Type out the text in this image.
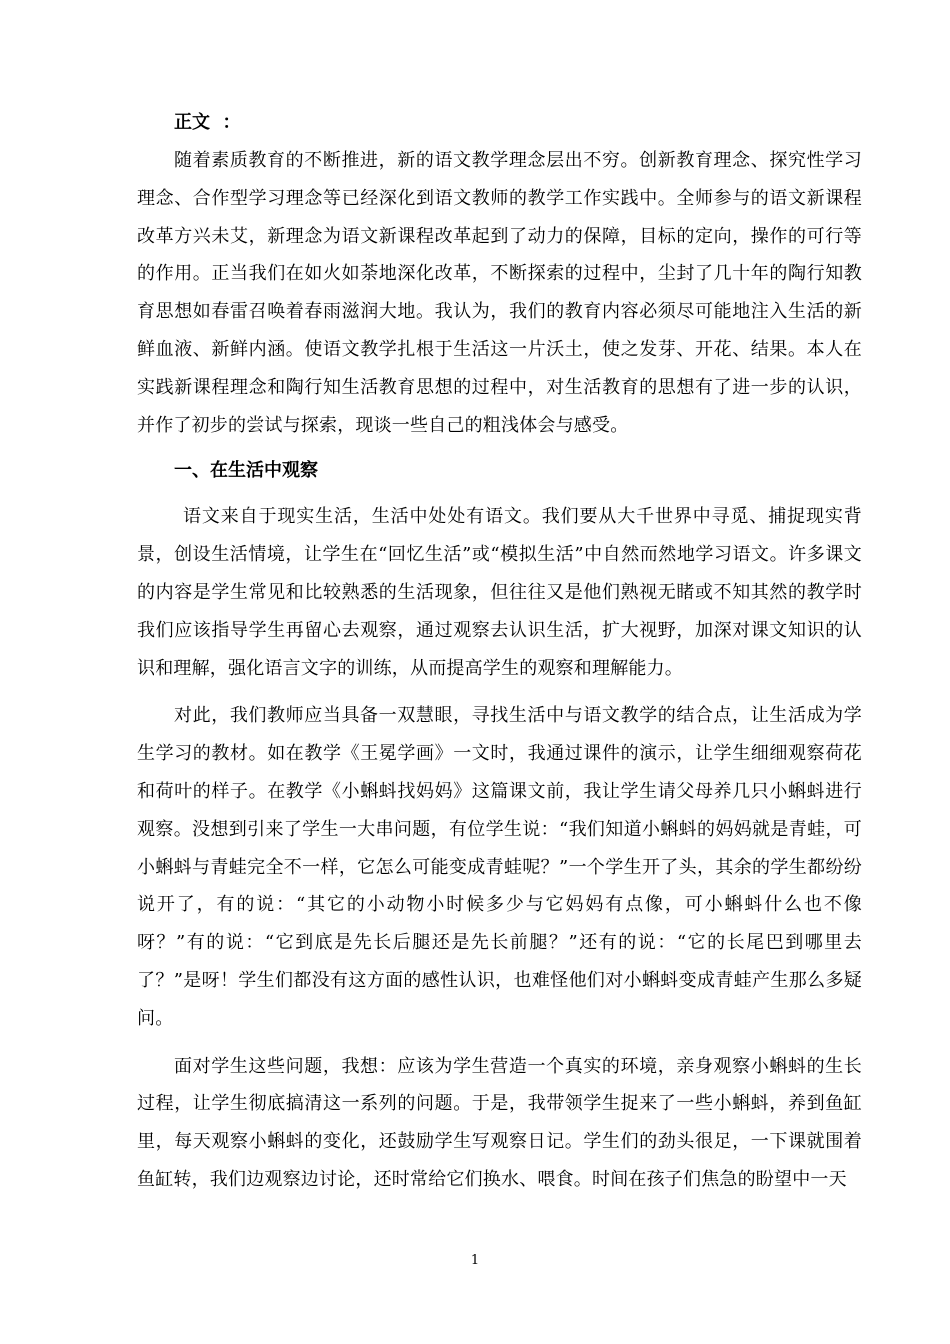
正文  ：

随着素质教育的不断推进，新的语文教学理念层出不穷。创新教育理念、探究性学习理念、合作型学习理念等已经深化到语文教师的教学工作实践中。全师参与的语文新课程改革方兴未艾，新理念为语文新课程改革起到了动力的保障，目标的定向，操作的可行等的作用。正当我们在如火如荼地深化改革，不断探索的过程中，尘封了几十年的陶行知教育思想如春雷召唤着春雨滋润大地。我认为，我们的教育内容必须尽可能地注入生活的新鲜血液、新鲜内涵。使语文教学扎根于生活这一片沃土，使之发芽、开花、结果。本人在实践新课程理念和陶行知生活教育思想的过程中，对生活教育的思想有了进一步的认识，并作了初步的尝试与探索，现谈一些自己的粗浅体会与感受。

一、在生活中观察

语文来自于现实生活，生活中处处有语文。我们要从大千世界中寻觅、捕捉现实背景，创设生活情境，让学生在“回忆生活”或“模拟生活”中自然而然地学习语文。许多课文的内容是学生常见和比较熟悉的生活现象，但往往又是他们熟视无睹或不知其然的教学时我们应该指导学生再留心去观察，通过观察去认识生活，扩大视野，加深对课文知识的认识和理解，强化语言文字的训练，从而提高学生的观察和理解能力。

对此，我们教师应当具备一双慧眼，寻找生活中与语文教学的结合点，让生活成为学生学习的教材。如在教学《王冕学画》一文时，我通过课件的演示，让学生细细观察荷花和荷叶的样子。在教学《小蝌蚪找妈妈》这篇课文前，我让学生请父母养几只小蝌蚪进行观察。没想到引来了学生一大串问题，有位学生说：“我们知道小蝌蚪的妈妈就是青蛙，可小蝌蚪与青蛙完全不一样，它怎么可能变成青蛙呢？”一个学生开了头，其余的学生都纷纷说开了，有的说：“其它的小动物小时候多少与它妈妈有点像，可小蝌蚪什么也不像呀？”有的说：“它到底是先长后腿还是先长前腿？”还有的说：“它的长尾巴到哪里去了？”是呀！学生们都没有这方面的感性认识，也难怪他们对小蝌蚪变成青蛙产生那么多疑问。

面对学生这些问题，我想：应该为学生营造一个真实的环境，亲身观察小蝌蚪的生长过程，让学生彻底搞清这一系列的问题。于是，我带领学生捉来了一些小蝌蚪，养到鱼缸里，每天观察小蝌蚪的变化，还鼓励学生写观察日记。学生们的劲头很足，一下课就围着鱼缸转，我们边观察边讨论，还时常给它们换水、喂食。时间在孩子们焦急的盼望中一天

1
